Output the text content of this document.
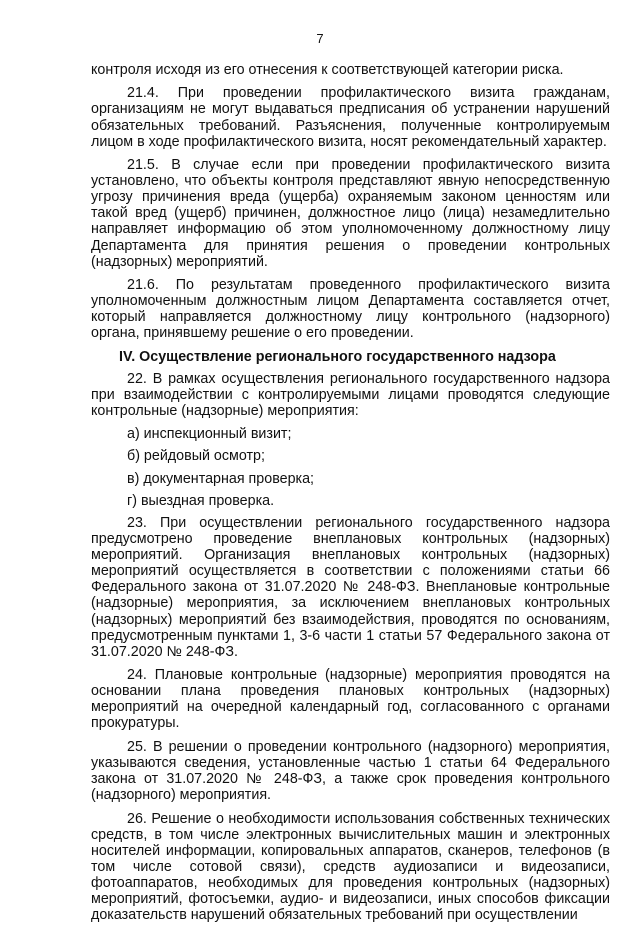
7

контроля исходя из его отнесения к соответствующей категории риска.

21.4. При проведении профилактического визита гражданам, организациям не могут выдаваться предписания об устранении нарушений обязательных требований. Разъяснения, полученные контролируемым лицом в ходе профилактического визита, носят рекомендательный характер.

21.5. В случае если при проведении профилактического визита установлено, что объекты контроля представляют явную непосредственную угрозу причинения вреда (ущерба) охраняемым законом ценностям или такой вред (ущерб) причинен, должностное лицо (лица) незамедлительно направляет информацию об этом уполномоченному должностному лицу Департамента для принятия решения о проведении контрольных (надзорных) мероприятий.

21.6. По результатам проведенного профилактического визита уполномоченным должностным лицом Департамента составляется отчет, который направляется должностному лицу контрольного (надзорного) органа, принявшему решение о его проведении.

IV. Осуществление регионального государственного надзора

22. В рамках осуществления регионального государственного надзора при взаимодействии с контролируемыми лицами проводятся следующие контрольные (надзорные) мероприятия:

а) инспекционный визит;
б) рейдовый осмотр;
в) документарная проверка;
г) выездная проверка.

23. При осуществлении регионального государственного надзора предусмотрено проведение внеплановых контрольных (надзорных) мероприятий. Организация внеплановых контрольных (надзорных) мероприятий осуществляется в соответствии с положениями статьи 66 Федерального закона от 31.07.2020 № 248-ФЗ. Внеплановые контрольные (надзорные) мероприятия, за исключением внеплановых контрольных (надзорных) мероприятий без взаимодействия, проводятся по основаниям, предусмотренным пунктами 1, 3-6 части 1 статьи 57 Федерального закона от 31.07.2020 № 248-ФЗ.

24. Плановые контрольные (надзорные) мероприятия проводятся на основании плана проведения плановых контрольных (надзорных) мероприятий на очередной календарный год, согласованного с органами прокуратуры.

25. В решении о проведении контрольного (надзорного) мероприятия, указываются сведения, установленные частью 1 статьи 64 Федерального закона от 31.07.2020 № 248-ФЗ, а также срок проведения контрольного (надзорного) мероприятия.

26. Решение о необходимости использования собственных технических средств, в том числе электронных вычислительных машин и электронных носителей информации, копировальных аппаратов, сканеров, телефонов (в том числе сотовой связи), средств аудиозаписи и видеозаписи, фотоаппаратов, необходимых для проведения контрольных (надзорных) мероприятий, фотосъемки, аудио- и видеозаписи, иных способов фиксации доказательств нарушений обязательных требований при осуществлении
